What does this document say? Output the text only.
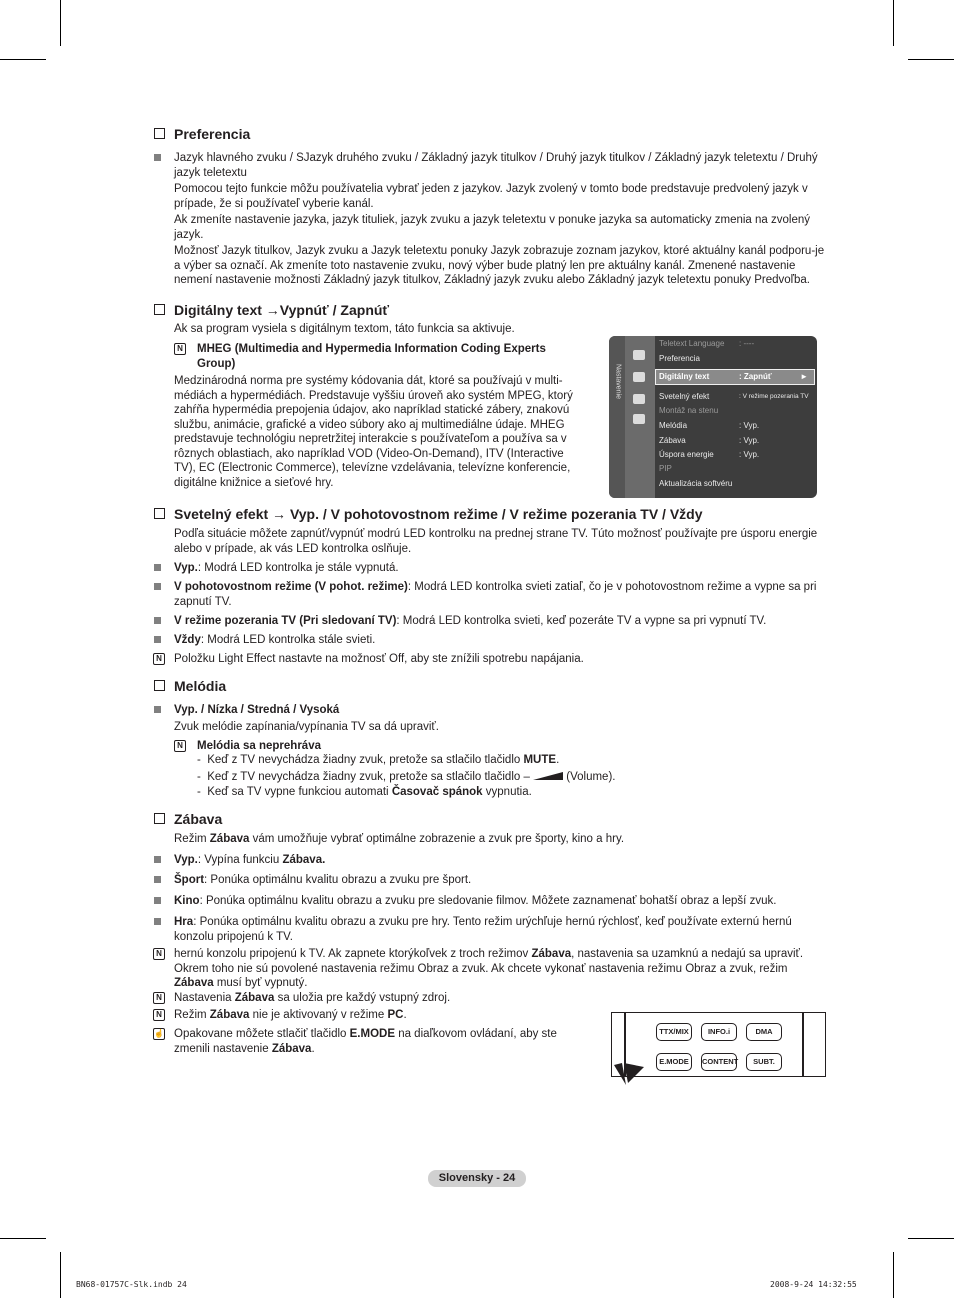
Preferencia
Jazyk hlavného zvuku / SJazyk druhého zvuku / Základný jazyk titulkov / Druhý jazyk titulkov / Základný jazyk teletextu / Druhý jazyk teletextu
Pomocou tejto funkcie môžu používatelia vybrať jeden z jazykov. Jazyk zvolený v tomto bode predstavuje predvolený jazyk v prípade, že si používateľ vyberie kanál.
Ak zmeníte nastavenie jazyka, jazyk tituliek, jazyk zvuku a jazyk teletextu v ponuke jazyka sa automaticky zmenia na zvolený jazyk.
Možnosť Jazyk titulkov, Jazyk zvuku a Jazyk teletextu ponuky Jazyk zobrazuje zoznam jazykov, ktoré aktuálny kanál podporu-je a výber sa označí. Ak zmeníte toto nastavenie zvuku, nový výber bude platný len pre aktuálny kanál. Zmenené nastavenie nemení nastavenie možnosti Základný jazyk titulkov, Základný jazyk zvuku alebo Základný jazyk teletextu ponuky Predvoľba.
Digitálny text →Vypnúť / Zapnúť
Ak sa program vysiela s digitálnym textom, táto funkcia sa aktivuje.
N MHEG (Multimedia and Hypermedia Information Coding Experts Group)
Medzinárodná norma pre systémy kódovania dát, ktoré sa používajú v multi-médiách a hypermédiách. Predstavuje vyššiu úroveň ako systém MPEG, ktorý zahŕňa hypermédia prepojenia údajov, ako napríklad statické zábery, znakovú službu, animácie, grafické a video súbory ako aj multimediálne údaje. MHEG predstavuje technológiu nepretržitej interakcie s používateľom a používa sa v rôznych oblastiach, ako napríklad VOD (Video-On-Demand), ITV (Interactive TV), EC (Electronic Commerce), televízne vzdelávania, televízne konferencie, digitálne knižnice a sieťové hry.
Nastavenie
Teletext Language : ----
Preferencia
Digitálny text	: Zapnúť	►
Svetelný efekt	: V režime pozerania TV
Montáž na stenu
Melódia	: Vyp.
Zábava	: Vyp.
Úspora energie	: Vyp.
PIP
Aktualizácia softvéru
Svetelný efekt → Vyp. / V pohotovostnom režime / V režime pozerania TV / Vždy
Podľa situácie môžete zapnúť/vypnúť modrú LED kontrolku na prednej strane TV. Túto možnosť používajte pre úsporu energie alebo v prípade, ak vás LED kontrolka oslňuje.
Vyp.: Modrá LED kontrolka je stále vypnutá.
V pohotovostnom režime (V pohot. režime): Modrá LED kontrolka svieti zatiaľ, čo je v pohotovostnom režime a vypne sa pri zapnutí TV.
V režime pozerania TV (Pri sledovaní TV): Modrá LED kontrolka svieti, keď pozeráte TV a vypne sa pri vypnutí TV.
Vždy: Modrá LED kontrolka stále svieti.
N Položku Light Effect nastavte na možnosť Off, aby ste znížili spotrebu napájania.
Melódia
Vyp. / Nízka / Stredná / Vysoká
Zvuk melódie zapínania/vypínania TV sa dá upraviť.
N Melódia sa neprehráva
-  Keď z TV nevychádza žiadny zvuk, pretože sa stlačilo tlačidlo MUTE.
-  Keď z TV nevychádza žiadny zvuk, pretože sa stlačilo tlačidlo –	(Volume).
-  Keď sa TV vypne funkciou automati Časovač spánok vypnutia.
Zábava
Režim Zábava vám umožňuje vybrať optimálne zobrazenie a zvuk pre športy, kino a hry.
Vyp.: Vypína funkciu Zábava.
Šport: Ponúka optimálnu kvalitu obrazu a zvuku pre šport.
Kino: Ponúka optimálnu kvalitu obrazu a zvuku pre sledovanie filmov. Môžete zaznamenať bohatší obraz a lepší zvuk.
Hra: Ponúka optimálnu kvalitu obrazu a zvuku pre hry. Tento režim urýchľuje hernú rýchlosť, keď používate externú hernú konzolu pripojenú k TV.
N hernú konzolu pripojenú k TV. Ak zapnete ktorýkoľvek z troch režimov Zábava, nastavenia sa uzamknú a nedajú sa upraviť. Okrem toho nie sú povolené nastavenia režimu Obraz a zvuk. Ak chcete vykonať nastavenia režimu Obraz a zvuk, režim Zábava musí byť vypnutý.
N Nastavenia Zábava sa uložia pre každý vstupný zdroj.
N Režim Zábava nie je aktivovaný v režime PC.
☝ Opakovane môžete stlačiť tlačidlo E.MODE na diaľkovom ovládaní, aby ste zmenili nastavenie Zábava.
TTX/MIX	INFO.i	DMA
E.MODE	CONTENT	SUBT.
Slovensky - 24
BN68-01757C-Slk.indb 24	2008-9-24 14:32:55
